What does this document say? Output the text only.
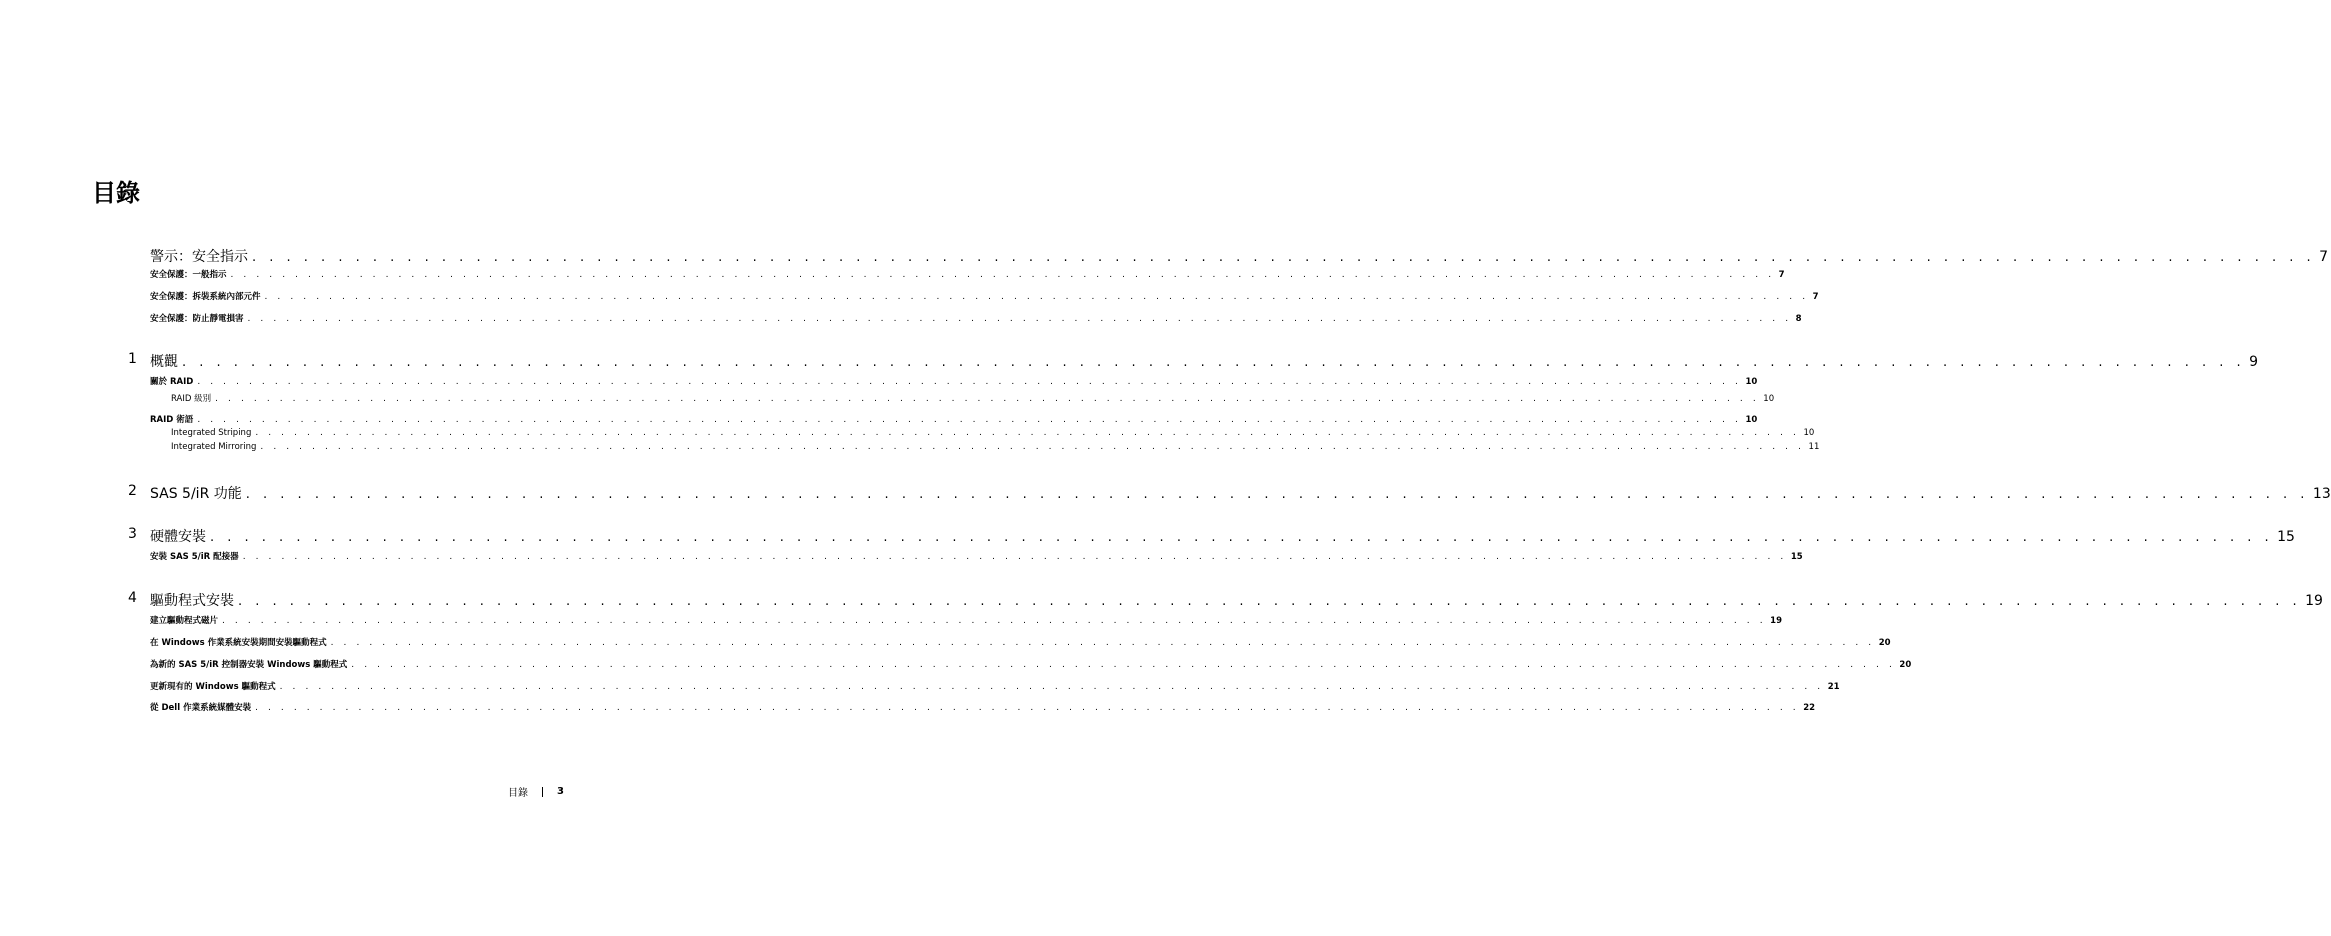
目錄
警示：安全指示 . . . . . . . . . . . . . . . . . . . . . . . . . . . . . . . . . . . . . . . . . . . . . . . . . . . . . . . . . . . . . . . . . . . . . . . . . . . . . . . . . . . . . . . . . . . . . . . . . . . . . . . . . . . . . . . . . . . . . . . . 7
安全保護：一般指示 . . . . . . . . . . . . . . . . . . . . . . . . . . . . . . . . . . . . . . . . . . . . . . . . . . . . . . . . . . . . . . . . . . . . . . . . . . . . . . . . . . . . . . . . . . . . . . . . . . . . . . . . . . . . . . . . . . . . . . . . 7
安全保護：拆裝系統內部元件 . . . . . . . . . . . . . . . . . . . . . . . . . . . . . . . . . . . . . . . . . . . . . . . . . . . . . . . . . . . . . . . . . . . . . . . . . . . . . . . . . . . . . . . . . . . . . . . . . . . . . . . . . . . . . . . . . . . . . . . . 7
安全保護：防止靜電損害 . . . . . . . . . . . . . . . . . . . . . . . . . . . . . . . . . . . . . . . . . . . . . . . . . . . . . . . . . . . . . . . . . . . . . . . . . . . . . . . . . . . . . . . . . . . . . . . . . . . . . . . . . . . . . . . . . . . . . . . . 8
1 概觀 . . . . . . . . . . . . . . . . . . . . . . . . . . . . . . . . . . . . . . . . . . . . . . . . . . . . . . . . . . . . . . . . . . . . . . . . . . . . . . . . . . . . . . . . . . . . . . . . . . . . . . . . . . . . . . . . . . . . . . . . 9
關於 RAID . . . . . . . . . . . . . . . . . . . . . . . . . . . . . . . . . . . . . . . . . . . . . . . . . . . . . . . . . . . . . . . . . . . . . . . . . . . . . . . . . . . . . . . . . . . . . . . . . . . . . . . . . . . . . . . . . . . . . . . . 10
RAID 級別 . . . . . . . . . . . . . . . . . . . . . . . . . . . . . . . . . . . . . . . . . . . . . . . . . . . . . . . . . . . . . . . . . . . . . . . . . . . . . . . . . . . . . . . . . . . . . . . . . . . . . . . . . . . . . . . . . . . . . . . . 10
RAID 術語 . . . . . . . . . . . . . . . . . . . . . . . . . . . . . . . . . . . . . . . . . . . . . . . . . . . . . . . . . . . . . . . . . . . . . . . . . . . . . . . . . . . . . . . . . . . . . . . . . . . . . . . . . . . . . . . . . . . . . . . . 10
Integrated Striping . . . . . . . . . . . . . . . . . . . . . . . . . . . . . . . . . . . . . . . . . . . . . . . . . . . . . . . . . . . . . . . . . . . . . . . . . . . . . . . . . . . . . . . . . . . . . . . . . . . . . . . . . . . . . . . . . . . . . . . . 10
Integrated Mirroring . . . . . . . . . . . . . . . . . . . . . . . . . . . . . . . . . . . . . . . . . . . . . . . . . . . . . . . . . . . . . . . . . . . . . . . . . . . . . . . . . . . . . . . . . . . . . . . . . . . . . . . . . . . . . . . . . . . . . . . . 11
2 SAS 5/iR 功能 . . . . . . . . . . . . . . . . . . . . . . . . . . . . . . . . . . . . . . . . . . . . . . . . . . . . . . . . . . . . . . . . . . . . . . . . . . . . . . . . . . . . . . . . . . . . . . . . . . . . . . . . . . . . . . . . . . . . . . . . 13
3 硬體安裝 . . . . . . . . . . . . . . . . . . . . . . . . . . . . . . . . . . . . . . . . . . . . . . . . . . . . . . . . . . . . . . . . . . . . . . . . . . . . . . . . . . . . . . . . . . . . . . . . . . . . . . . . . . . . . . . . . . . . . . . . 15
安裝 SAS 5/iR 配接器 . . . . . . . . . . . . . . . . . . . . . . . . . . . . . . . . . . . . . . . . . . . . . . . . . . . . . . . . . . . . . . . . . . . . . . . . . . . . . . . . . . . . . . . . . . . . . . . . . . . . . . . . . . . . . . . . . . . . . . . . 15
4 驅動程式安裝 . . . . . . . . . . . . . . . . . . . . . . . . . . . . . . . . . . . . . . . . . . . . . . . . . . . . . . . . . . . . . . . . . . . . . . . . . . . . . . . . . . . . . . . . . . . . . . . . . . . . . . . . . . . . . . . . . . . . . . . . 19
建立驅動程式磁片 . . . . . . . . . . . . . . . . . . . . . . . . . . . . . . . . . . . . . . . . . . . . . . . . . . . . . . . . . . . . . . . . . . . . . . . . . . . . . . . . . . . . . . . . . . . . . . . . . . . . . . . . . . . . . . . . . . . . . . . . 19
在 Windows 作業系統安裝期間安裝驅動程式 . . . . . . . . . . . . . . . . . . . . . . . . . . . . . . . . . . . . . . . . . . . . . . . . . . . . . . . . . . . . . . . . . . . . . . . . . . . . . . . . . . . . . . . . . . . . . . . . . . . . . . . . . . . . . . . . . . . . . . . . 20
為新的 SAS 5/iR 控制器安裝 Windows 驅動程式 . . . . . . . . . . . . . . . . . . . . . . . . . . . . . . . . . . . . . . . . . . . . . . . . . . . . . . . . . . . . . . . . . . . . . . . . . . . . . . . . . . . . . . . . . . . . . . . . . . . . . . . . . . . . . . . . . . . . . . . . 20
更新現有的 Windows 驅動程式 . . . . . . . . . . . . . . . . . . . . . . . . . . . . . . . . . . . . . . . . . . . . . . . . . . . . . . . . . . . . . . . . . . . . . . . . . . . . . . . . . . . . . . . . . . . . . . . . . . . . . . . . . . . . . . . . . . . . . . . . 21
從 Dell 作業系統媒體安裝 . . . . . . . . . . . . . . . . . . . . . . . . . . . . . . . . . . . . . . . . . . . . . . . . . . . . . . . . . . . . . . . . . . . . . . . . . . . . . . . . . . . . . . . . . . . . . . . . . . . . . . . . . . . . . . . . . . . . . . . . 22
目錄	3
